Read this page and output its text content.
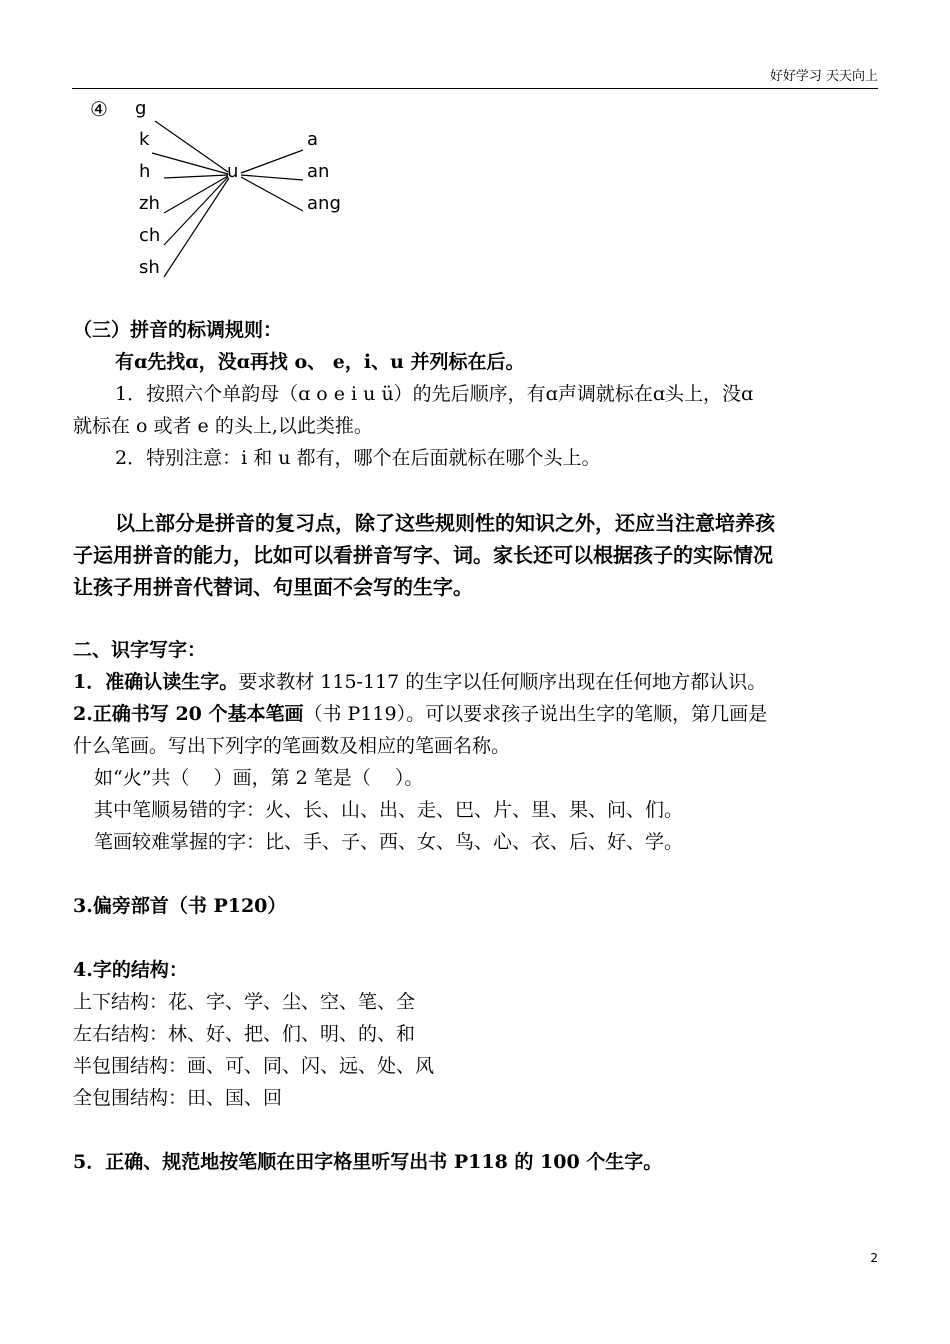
好好学习 天天向上
④ g
k
h
zh
ch
sh
u
a
an
ang
（三）拼音的标调规则：
有ɑ先找ɑ，没ɑ再找 o、 e，i、u 并列标在后。
1．按照六个单韵母（ɑ o e i u ü）的先后顺序，有ɑ声调就标在ɑ头上，没ɑ
就标在 o 或者 e 的头上,以此类推。
2．特别注意：i 和 u 都有，哪个在后面就标在哪个头上。
以上部分是拼音的复习点，除了这些规则性的知识之外，还应当注意培养孩
子运用拼音的能力，比如可以看拼音写字、词。家长还可以根据孩子的实际情况
让孩子用拼音代替词、句里面不会写的生字。
二、识字写字：
1．准确认读生字。要求教材 115-117 的生字以任何顺序出现在任何地方都认识。
2.正确书写 20 个基本笔画（书 P119）。可以要求孩子说出生字的笔顺，第几画是
什么笔画。写出下列字的笔画数及相应的笔画名称。
如“火”共（    ）画，第 2 笔是（    ）。
其中笔顺易错的字：火、长、山、出、走、巴、片、里、果、问、们。
笔画较难掌握的字：比、手、子、西、女、鸟、心、衣、后、好、学。
3.偏旁部首（书 P120）
4.字的结构：
上下结构：花、字、学、尘、空、笔、全
左右结构：林、好、把、们、明、的、和
半包围结构：画、可、同、闪、远、处、风
全包围结构：田、国、回
5．正确、规范地按笔顺在田字格里听写出书 P118 的 100 个生字。
2
